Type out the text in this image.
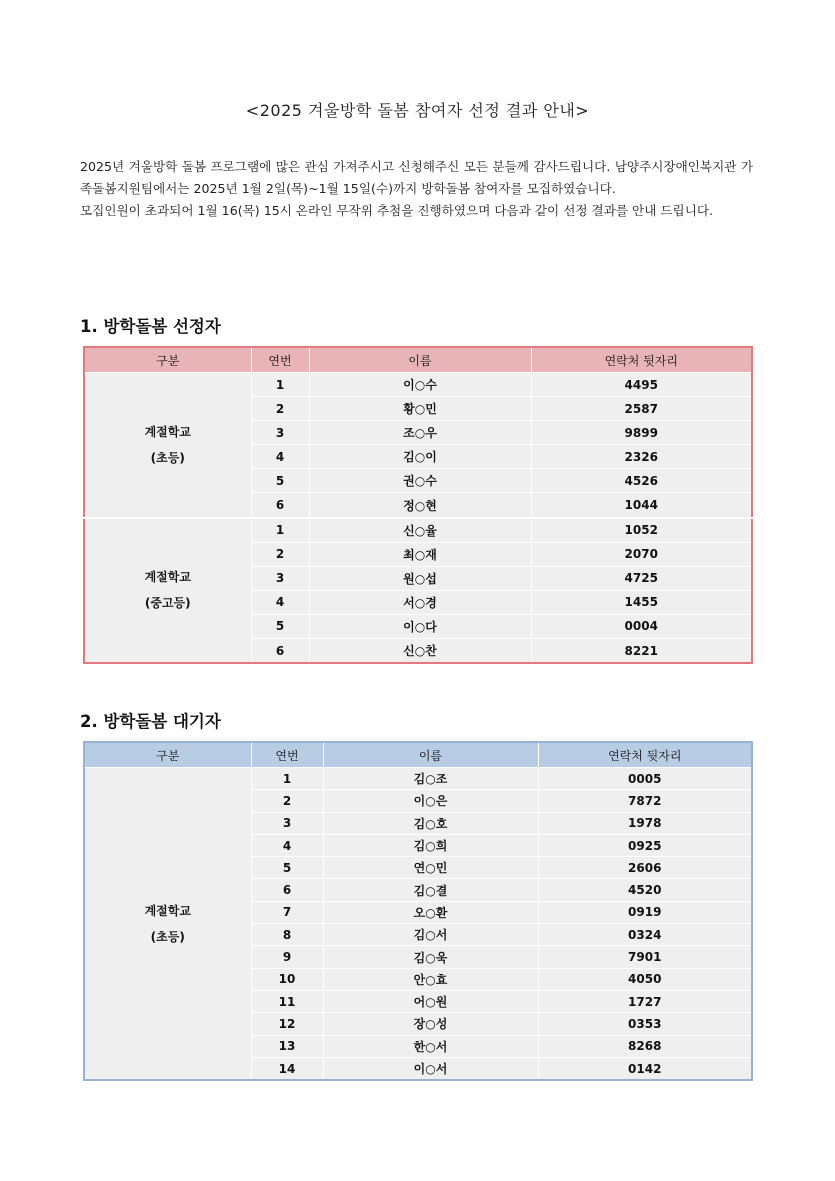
<2025 겨울방학 돌봄 참여자 선정 결과 안내>

2025년 겨울방학 돌봄 프로그램에 많은 관심 가져주시고 신청해주신 모든 분들께 감사드립니다. 남양주시장애인복지관 가족돌봄지원팀에서는 2025년 1월 2일(목)~1월 15일(수)까지 방학돌봄 참여자를 모집하였습니다.

모집인원이 초과되어 1월 16(목) 15시 온라인 무작위 추첨을 진행하였으며 다음과 같이 선정 결과를 안내 드립니다.

1. 방학돌봄 선정자
구분	연번	이름	연락처 뒷자리

계절학교
(초등)	1	이○수	4495
	2	황○민	2587
	3	조○우	9899
	4	김○이	2326
	5	권○수	4526
	6	정○현	1044

계절학교
(중고등)	1	신○율	1052
	2	최○재	2070
	3	원○섭	4725
	4	서○경	1455
	5	이○다	0004
	6	신○찬	8221
2. 방학돌봄 대기자
구분	연번	이름	연락처 뒷자리

계절학교
(초등)	1	김○조	0005
	2	이○은	7872
	3	김○호	1978
	4	김○희	0925
	5	연○민	2606
	6	김○결	4520
	7	오○환	0919
	8	김○서	0324
	9	김○욱	7901
	10	안○효	4050
	11	어○원	1727
	12	장○성	0353
	13	한○서	8268
	14	이○서	0142
